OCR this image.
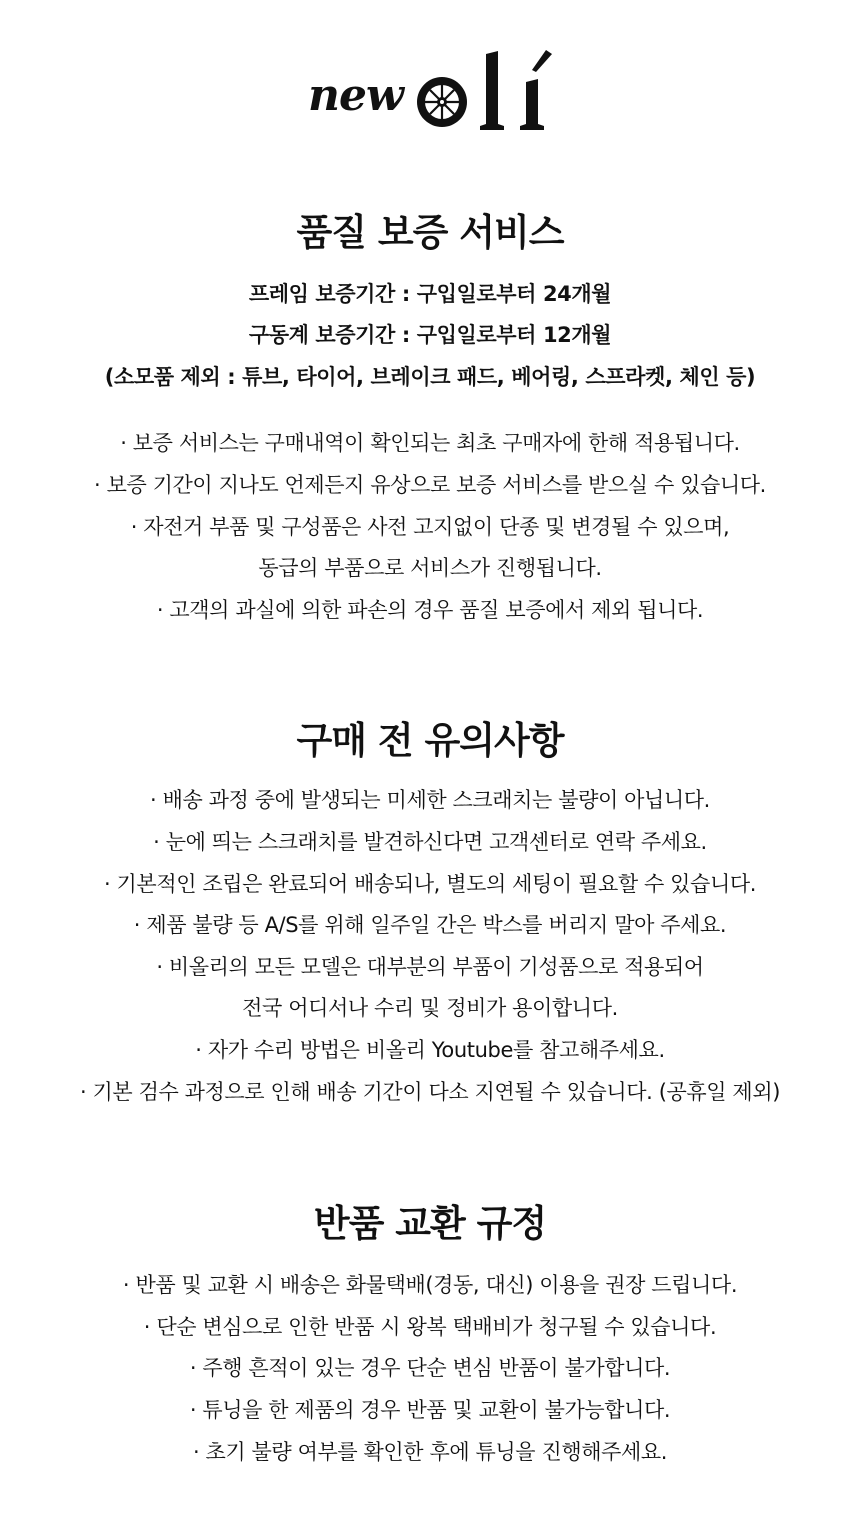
new
품질 보증 서비스

프레임 보증기간 : 구입일로부터 24개월

구동계 보증기간 : 구입일로부터 12개월

(소모품 제외 : 튜브, 타이어, 브레이크 패드, 베어링, 스프라켓, 체인 등)

· 보증 서비스는 구매내역이 확인되는 최초 구매자에 한해 적용됩니다.

· 보증 기간이 지나도 언제든지 유상으로 보증 서비스를 받으실 수 있습니다.

· 자전거 부품 및 구성품은 사전 고지없이 단종 및 변경될 수 있으며,

동급의 부품으로 서비스가 진행됩니다.

· 고객의 과실에 의한 파손의 경우 품질 보증에서 제외 됩니다.

구매 전 유의사항

· 배송 과정 중에 발생되는 미세한 스크래치는 불량이 아닙니다.

· 눈에 띄는 스크래치를 발견하신다면 고객센터로 연락 주세요.

· 기본적인 조립은 완료되어 배송되나, 별도의 세팅이 필요할 수 있습니다.

· 제품 불량 등 A/S를 위해 일주일 간은 박스를 버리지 말아 주세요.

· 비올리의 모든 모델은 대부분의 부품이 기성품으로 적용되어

전국 어디서나 수리 및 정비가 용이합니다.

· 자가 수리 방법은 비올리 Youtube를 참고해주세요.

· 기본 검수 과정으로 인해 배송 기간이 다소 지연될 수 있습니다. (공휴일 제외)

반품 교환 규정

· 반품 및 교환 시 배송은 화물택배(경동, 대신) 이용을 권장 드립니다.

· 단순 변심으로 인한 반품 시 왕복 택배비가 청구될 수 있습니다.

· 주행 흔적이 있는 경우 단순 변심 반품이 불가합니다.

· 튜닝을 한 제품의 경우 반품 및 교환이 불가능합니다.

· 초기 불량 여부를 확인한 후에 튜닝을 진행해주세요.
